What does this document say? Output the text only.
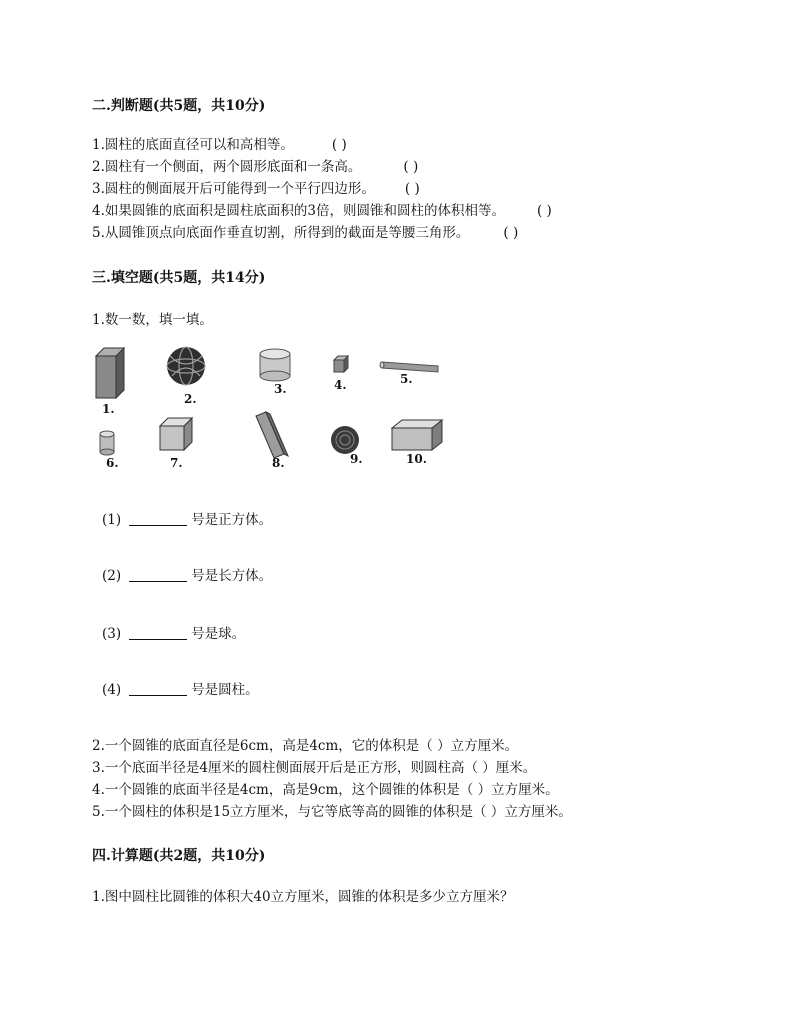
二.判断题(共5题，共10分)
1.圆柱的底面直径可以和高相等。	( )
2.圆柱有一个侧面，两个圆形底面和一条高。	( )
3.圆柱的侧面展开后可能得到一个平行四边形。 ( )
4.如果圆锥的底面积是圆柱底面积的3倍，则圆锥和圆柱的体积相等。 ( )
5.从圆锥顶点向底面作垂直切割，所得到的截面是等腰三角形。	( )
三.填空题(共5题，共14分)
1.数一数，填一填。
1.
2.
3.	4.	5.
6.	7.	8.	9.	10.
(1)	号是正方体。
(2)	号是长方体。
(3)	号是球。
(4)	号是圆柱。
2.一个圆锥的底面直径是6cm，高是4cm，它的体积是（ ）立方厘米。
3.一个底面半径是4厘米的圆柱侧面展开后是正方形，则圆柱高（ ）厘米。
4.一个圆锥的底面半径是4cm，高是9cm，这个圆锥的体积是（ ）立方厘米。
5.一个圆柱的体积是15立方厘米，与它等底等高的圆锥的体积是（ ）立方厘米。
四.计算题(共2题，共10分)
1.图中圆柱比圆锥的体积大40立方厘米，圆锥的体积是多少立方厘米？
